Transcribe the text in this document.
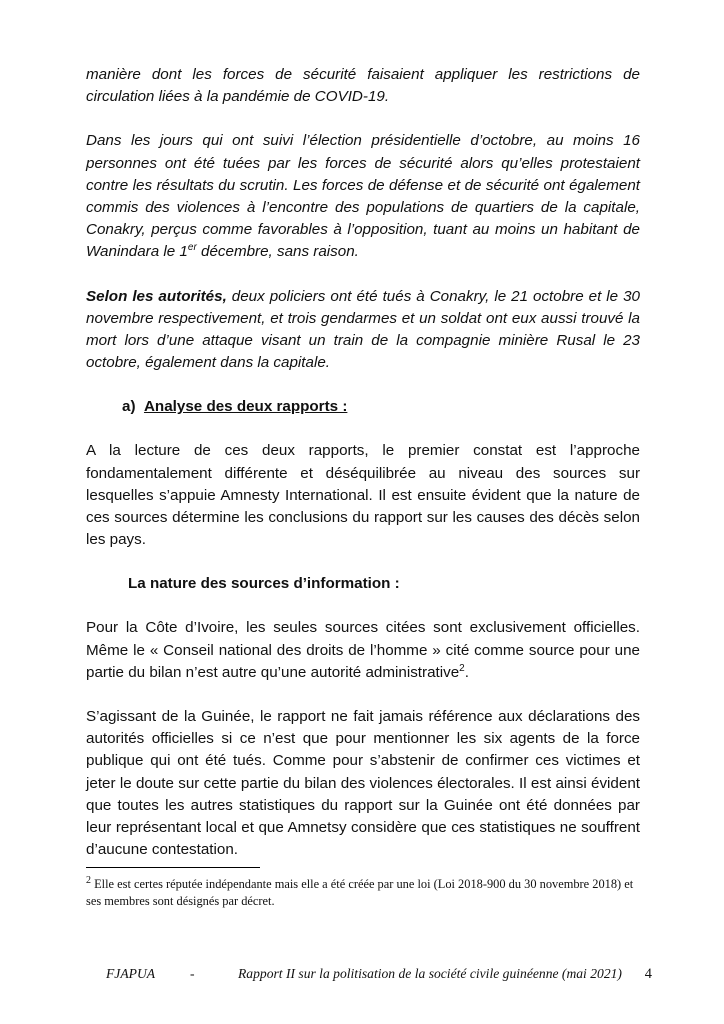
manière dont les forces de sécurité faisaient appliquer les restrictions de circulation liées à la pandémie de COVID-19.

Dans les jours qui ont suivi l’élection présidentielle d’octobre, au moins 16 personnes ont été tuées par les forces de sécurité alors qu’elles protestaient contre les résultats du scrutin. Les forces de défense et de sécurité ont également commis des violences à l’encontre des populations de quartiers de la capitale, Conakry, perçus comme favorables à l’opposition, tuant au moins un habitant de Wanindara le 1er décembre, sans raison.

Selon les autorités, deux policiers ont été tués à Conakry, le 21 octobre et le 30 novembre respectivement, et trois gendarmes et un soldat ont eux aussi trouvé la mort lors d’une attaque visant un train de la compagnie minière Rusal le 23 octobre, également dans la capitale.

a) Analyse des deux rapports :

A la lecture de ces deux rapports, le premier constat est l’approche fondamentalement différente et déséquilibrée au niveau des sources sur lesquelles s’appuie Amnesty International. Il est ensuite évident que la nature de ces sources détermine les conclusions du rapport sur les causes des décès selon les pays.

La nature des sources d’information :

Pour la Côte d’Ivoire, les seules sources citées sont exclusivement officielles. Même le « Conseil national des droits de l’homme » cité comme source pour une partie du bilan n’est autre qu’une autorité administrative$^2$.

S’agissant de la Guinée, le rapport ne fait jamais référence aux déclarations des autorités officielles si ce n’est que pour mentionner les six agents de la force publique qui ont été tués. Comme pour s’abstenir de confirmer ces victimes et jeter le doute sur cette partie du bilan des violences électorales. Il est ainsi évident que toutes les autres statistiques du rapport sur la Guinée ont été données par leur représentant local et que Amnetsy considère que ces statistiques ne souffrent d’aucune contestation.

$^2$ Elle est certes réputée indépendante mais elle a été créée par une loi (Loi 2018-900 du 30 novembre 2018) et ses membres sont désignés par décret.
FJAPUA	-	Rapport II sur la politisation de la société civile guinéenne (mai 2021)	4
